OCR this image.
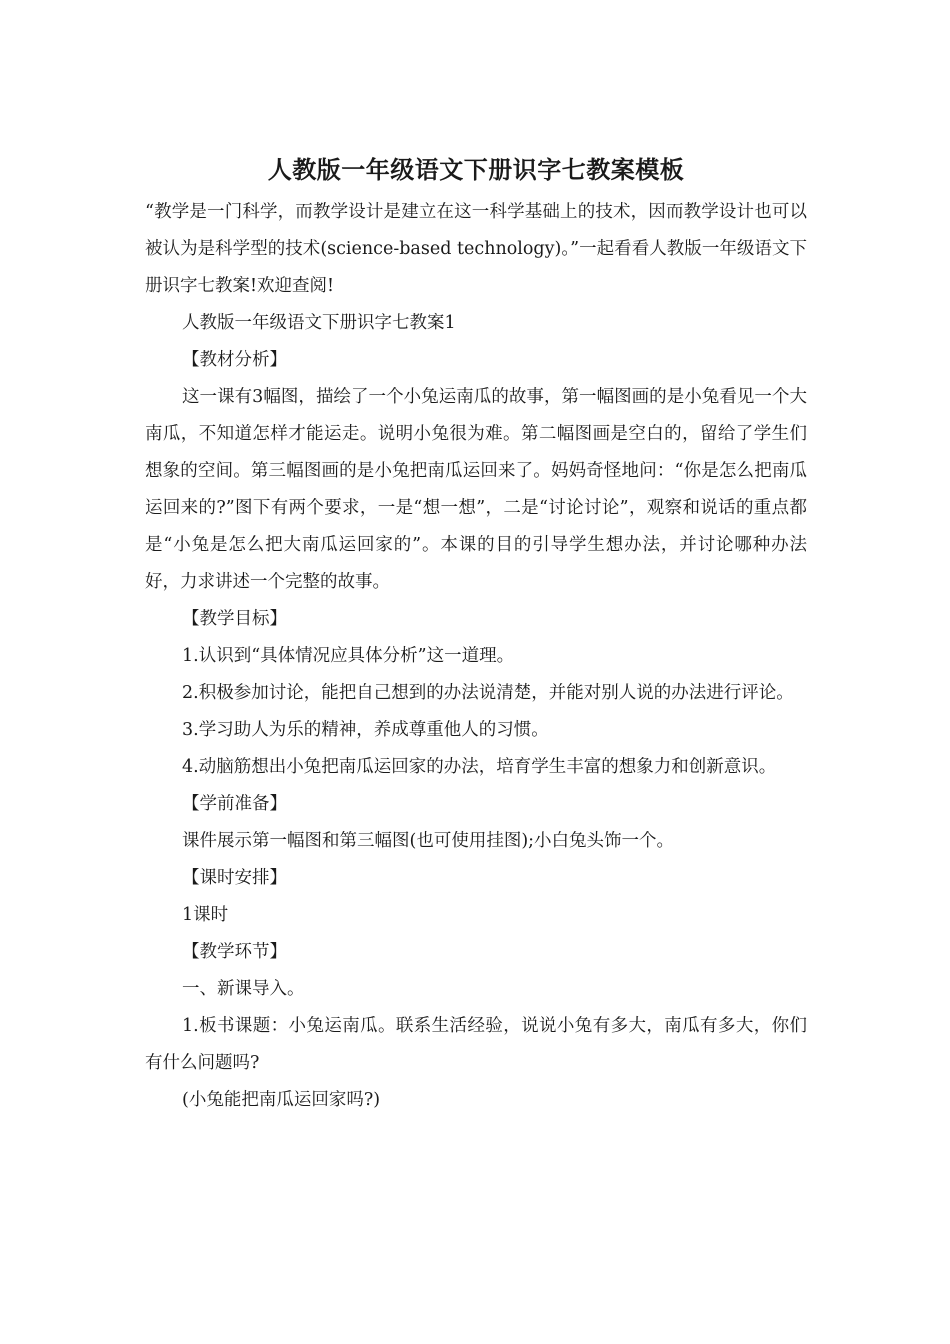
人教版一年级语文下册识字七教案模板

“教学是一门科学，而教学设计是建立在这一科学基础上的技术，因而教学设计也可以被认为是科学型的技术(science-based technology)。”一起看看人教版一年级语文下册识字七教案!欢迎查阅!

人教版一年级语文下册识字七教案1

【教材分析】

这一课有3幅图，描绘了一个小兔运南瓜的故事，第一幅图画的是小兔看见一个大南瓜，不知道怎样才能运走。说明小兔很为难。第二幅图画是空白的，留给了学生们想象的空间。第三幅图画的是小兔把南瓜运回来了。妈妈奇怪地问：“你是怎么把南瓜运回来的?”图下有两个要求，一是“想一想”，二是“讨论讨论”，观察和说话的重点都是“小兔是怎么把大南瓜运回家的”。本课的目的引导学生想办法，并讨论哪种办法好，力求讲述一个完整的故事。

【教学目标】

1.认识到“具体情况应具体分析”这一道理。

2.积极参加讨论，能把自己想到的办法说清楚，并能对别人说的办法进行评论。

3.学习助人为乐的精神，养成尊重他人的习惯。

4.动脑筋想出小兔把南瓜运回家的办法，培育学生丰富的想象力和创新意识。

【学前准备】

课件展示第一幅图和第三幅图(也可使用挂图);小白兔头饰一个。

【课时安排】

1课时

【教学环节】

一、新课导入。

1.板书课题：小兔运南瓜。联系生活经验，说说小兔有多大，南瓜有多大，你们有什么问题吗?

(小兔能把南瓜运回家吗?)
